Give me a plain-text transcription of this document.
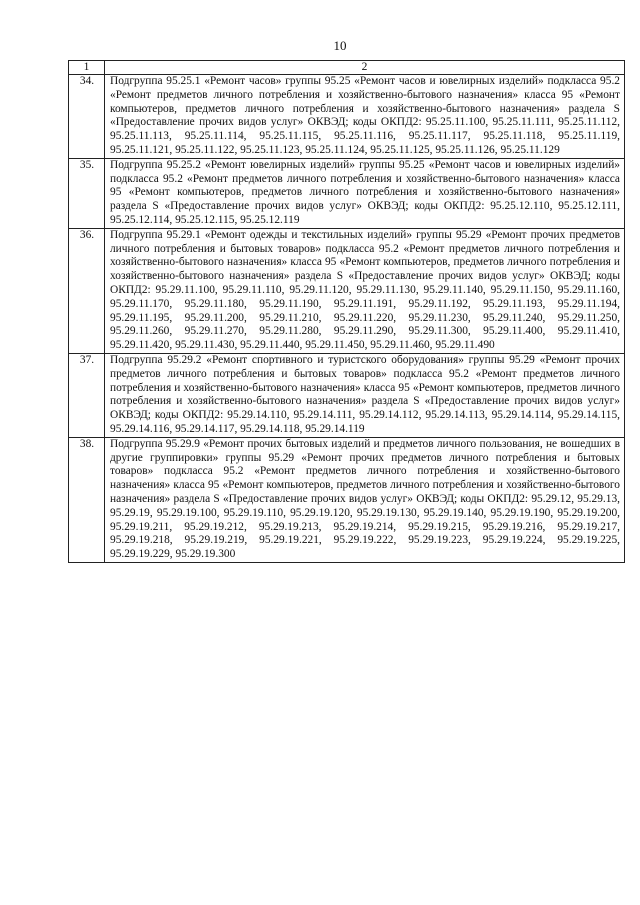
10
1	2
34.	Подгруппа 95.25.1 «Ремонт часов» группы 95.25 «Ремонт часов и ювелирных изделий» подкласса 95.2 «Ремонт предметов личного потребления и хозяйственно-бытового назначения» класса 95 «Ремонт компьютеров, предметов личного потребления и хозяйственно-бытового назначения» раздела S «Предоставление прочих видов услуг» ОКВЭД; коды ОКПД2: 95.25.11.100, 95.25.11.111, 95.25.11.112, 95.25.11.113, 95.25.11.114, 95.25.11.115, 95.25.11.116, 95.25.11.117, 95.25.11.118, 95.25.11.119, 95.25.11.121, 95.25.11.122, 95.25.11.123, 95.25.11.124, 95.25.11.125, 95.25.11.126, 95.25.11.129
35.	Подгруппа 95.25.2 «Ремонт ювелирных изделий» группы 95.25 «Ремонт часов и ювелирных изделий» подкласса 95.2 «Ремонт предметов личного потребления и хозяйственно-бытового назначения» класса 95 «Ремонт компьютеров, предметов личного потребления и хозяйственно-бытового назначения» раздела S «Предоставление прочих видов услуг» ОКВЭД; коды ОКПД2: 95.25.12.110, 95.25.12.111, 95.25.12.114, 95.25.12.115, 95.25.12.119
36.	Подгруппа 95.29.1 «Ремонт одежды и текстильных изделий» группы 95.29 «Ремонт прочих предметов личного потребления и бытовых товаров» подкласса 95.2 «Ремонт предметов личного потребления и хозяйственно-бытового назначения» класса 95 «Ремонт компьютеров, предметов личного потребления и хозяйственно-бытового назначения» раздела S «Предоставление прочих видов услуг» ОКВЭД; коды ОКПД2: 95.29.11.100, 95.29.11.110, 95.29.11.120, 95.29.11.130, 95.29.11.140, 95.29.11.150, 95.29.11.160, 95.29.11.170, 95.29.11.180, 95.29.11.190, 95.29.11.191, 95.29.11.192, 95.29.11.193, 95.29.11.194, 95.29.11.195, 95.29.11.200, 95.29.11.210, 95.29.11.220, 95.29.11.230, 95.29.11.240, 95.29.11.250, 95.29.11.260, 95.29.11.270, 95.29.11.280, 95.29.11.290, 95.29.11.300, 95.29.11.400, 95.29.11.410, 95.29.11.420, 95.29.11.430, 95.29.11.440, 95.29.11.450, 95.29.11.460, 95.29.11.490
37.	Подгруппа 95.29.2 «Ремонт спортивного и туристского оборудования» группы 95.29 «Ремонт прочих предметов личного потребления и бытовых товаров» подкласса 95.2 «Ремонт предметов личного потребления и хозяйственно-бытового назначения» класса 95 «Ремонт компьютеров, предметов личного потребления и хозяйственно-бытового назначения» раздела S «Предоставление прочих видов услуг» ОКВЭД; коды ОКПД2: 95.29.14.110, 95.29.14.111, 95.29.14.112, 95.29.14.113, 95.29.14.114, 95.29.14.115, 95.29.14.116, 95.29.14.117, 95.29.14.118, 95.29.14.119
38.	Подгруппа 95.29.9 «Ремонт прочих бытовых изделий и предметов личного пользования, не вошедших в другие группировки» группы 95.29 «Ремонт прочих предметов личного потребления и бытовых товаров» подкласса 95.2 «Ремонт предметов личного потребления и хозяйственно-бытового назначения» класса 95 «Ремонт компьютеров, предметов личного потребления и хозяйственно-бытового назначения» раздела S «Предоставление прочих видов услуг» ОКВЭД; коды ОКПД2: 95.29.12, 95.29.13, 95.29.19, 95.29.19.100, 95.29.19.110, 95.29.19.120, 95.29.19.130, 95.29.19.140, 95.29.19.190, 95.29.19.200, 95.29.19.211, 95.29.19.212, 95.29.19.213, 95.29.19.214, 95.29.19.215, 95.29.19.216, 95.29.19.217, 95.29.19.218, 95.29.19.219, 95.29.19.221, 95.29.19.222, 95.29.19.223, 95.29.19.224, 95.29.19.225, 95.29.19.229, 95.29.19.300
